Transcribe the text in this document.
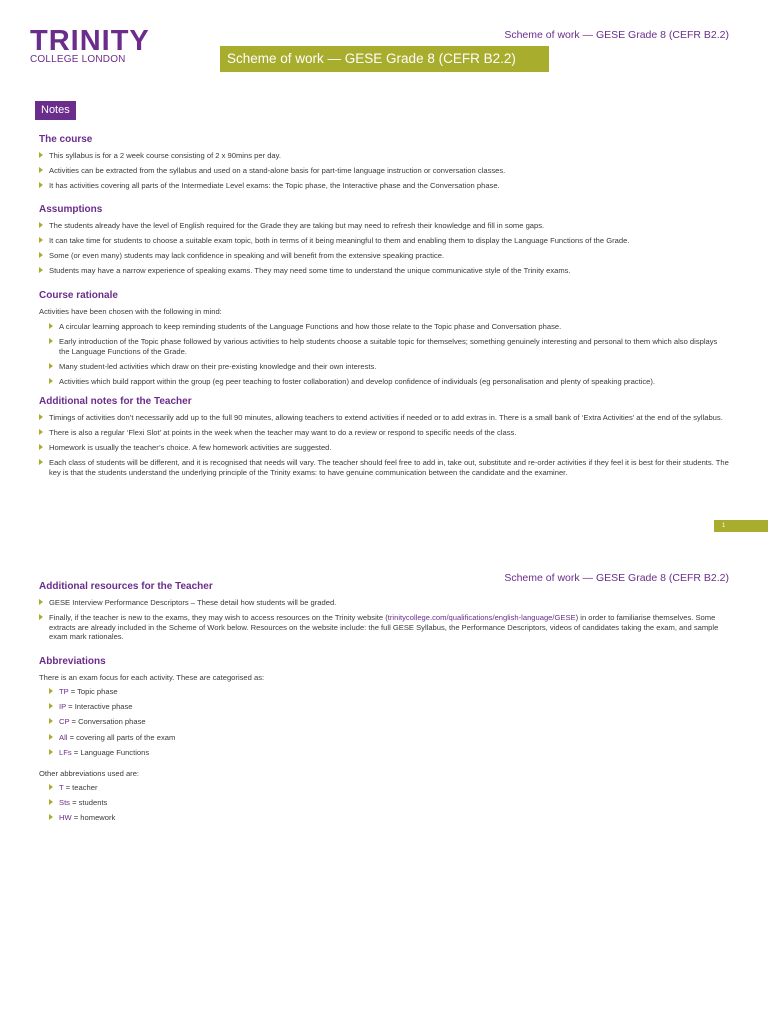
TRINITY
COLLEGE LONDON
Scheme of work — GESE Grade 8 (CEFR B2.2)
Scheme of work — GESE Grade 8 (CEFR B2.2)
Notes
The course
This syllabus is for a 2 week course consisting of 2 x 90mins per day.
Activities can be extracted from the syllabus and used on a stand-alone basis for part-time language instruction or conversation classes.
It has activities covering all parts of the Intermediate Level exams: the Topic phase, the Interactive phase and the Conversation phase.
Assumptions
The students already have the level of English required for the Grade they are taking but may need to refresh their knowledge and fill in some gaps.
It can take time for students to choose a suitable exam topic, both in terms of it being meaningful to them and enabling them to display the Language Functions of the Grade.
Some (or even many) students may lack confidence in speaking and will benefit from the extensive speaking practice.
Students may have a narrow experience of speaking exams. They may need some time to understand the unique communicative style of the Trinity exams.
Course rationale
Activities have been chosen with the following in mind:
A circular learning approach to keep reminding students of the Language Functions and how those relate to the Topic phase and Conversation phase.
Early introduction of the Topic phase followed by various activities to help students choose a suitable topic for themselves; something genuinely interesting and personal to them which also displays the Language Functions of the Grade.
Many student-led activities which draw on their pre-existing knowledge and their own interests.
Activities which build rapport within the group (eg peer teaching to foster collaboration) and develop confidence of individuals (eg personalisation and plenty of speaking practice).
Additional notes for the Teacher
Timings of activities don’t necessarily add up to the full 90 minutes, allowing teachers to extend activities if needed or to add extras in. There is a small bank of ‘Extra Activities’ at the end of the syllabus.
There is also a regular ‘Flexi Slot’ at points in the week when the teacher may want to do a review or respond to specific needs of the class.
Homework is usually the teacher’s choice. A few homework activities are suggested.
Each class of students will be different, and it is recognised that needs will vary. The teacher should feel free to add in, take out, substitute and re-order activities if they feel it is best for their students. The key is that the students understand the underlying principle of the Trinity exams: to have genuine communication between the candidate and the examiner.
1
Scheme of work — GESE Grade 8 (CEFR B2.2)
Additional resources for the Teacher
GESE Interview Performance Descriptors – These detail how students will be graded.
Finally, if the teacher is new to the exams, they may wish to access resources on the Trinity website (trinitycollege.com/qualifications/english-language/GESE) in order to familiarise themselves. Some extracts are already included in the Scheme of Work below. Resources on the website include: the full GESE Syllabus, the Performance Descriptors, videos of candidates taking the exam, and sample exam mark rationales.
Abbreviations
There is an exam focus for each activity. These are categorised as:
TP = Topic phase
IP = Interactive phase
CP = Conversation phase
All = covering all parts of the exam
LFs = Language Functions
Other abbreviations used are:
T = teacher
Sts = students
HW = homework
